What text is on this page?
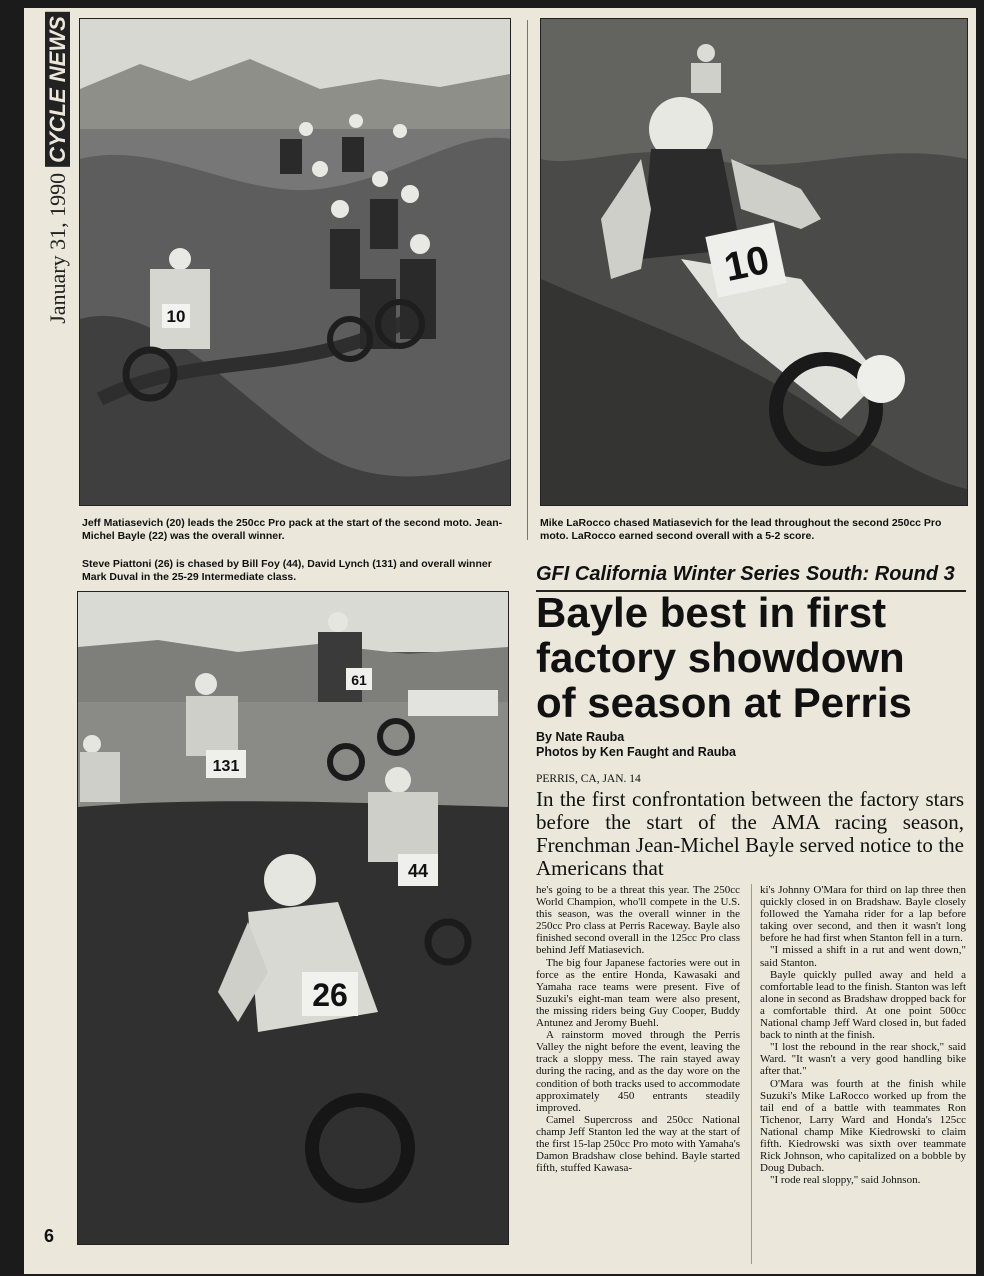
January 31, 1990CYCLE NEWS
10
10
Jeff Matiasevich (20) leads the 250cc Pro pack at the start of the second moto. Jean-Michel Bayle (22) was the overall winner.
Mike LaRocco chased Matiasevich for the lead throughout the second 250cc Pro moto. LaRocco earned second overall with a 5-2 score.
Steve Piattoni (26) is chased by Bill Foy (44), David Lynch (131) and overall winner Mark Duval in the 25-29 Intermediate class.
61
131
44
26
GFI California Winter Series South: Round 3
Bayle best in first
factory showdown
of season at Perris
By Nate Rauba
Photos by Ken Faught and Rauba
PERRIS, CA, JAN. 14
In the first confrontation between the factory stars before the start of the AMA racing season, Frenchman Jean-Michel Bayle served notice to the Americans that

he's going to be a threat this year. The 250cc World Champion, who'll compete in the U.S. this season, was the overall winner in the 250cc Pro class at Perris Raceway. Bayle also finished second overall in the 125cc Pro class behind Jeff Matiasevich.

The big four Japanese factories were out in force as the entire Honda, Kawasaki and Yamaha race teams were present. Five of Suzuki's eight-man team were also present, the missing riders being Guy Cooper, Buddy Antunez and Jeromy Buehl.

A rainstorm moved through the Perris Valley the night before the event, leaving the track a sloppy mess. The rain stayed away during the racing, and as the day wore on the condition of both tracks used to accommodate approximately 450 entrants steadily improved.

Camel Supercross and 250cc National champ Jeff Stanton led the way at the start of the first 15-lap 250cc Pro moto with Yamaha's Damon Bradshaw close behind. Bayle started fifth, stuffed Kawasa-

ki's Johnny O'Mara for third on lap three then quickly closed in on Bradshaw. Bayle closely followed the Yamaha rider for a lap before taking over second, and then it wasn't long before he had first when Stanton fell in a turn.

"I missed a shift in a rut and went down," said Stanton.

Bayle quickly pulled away and held a comfortable lead to the finish. Stanton was left alone in second as Bradshaw dropped back for a comfortable third. At one point 500cc National champ Jeff Ward closed in, but faded back to ninth at the finish.

"I lost the rebound in the rear shock," said Ward. "It wasn't a very good handling bike after that."

O'Mara was fourth at the finish while Suzuki's Mike LaRocco worked up from the tail end of a battle with teammates Ron Tichenor, Larry Ward and Honda's 125cc National champ Mike Kiedrowski to claim fifth. Kiedrowski was sixth over teammate Rick Johnson, who capitalized on a bobble by Doug Dubach.

"I rode real sloppy," said Johnson.

6
